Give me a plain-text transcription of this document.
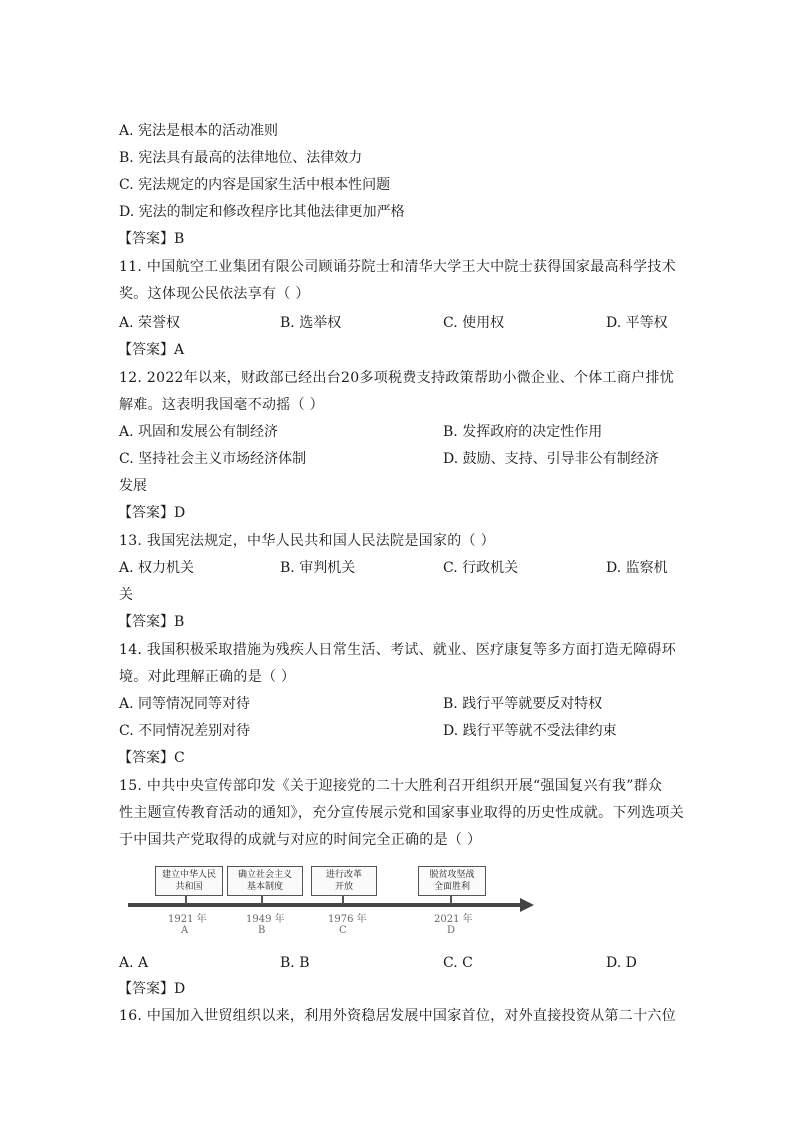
A. 宪法是根本的活动准则
B. 宪法具有最高的法律地位、法律效力
C. 宪法规定的内容是国家生活中根本性问题
D. 宪法的制定和修改程序比其他法律更加严格
【答案】B
11. 中国航空工业集团有限公司顾诵芬院士和清华大学王大中院士获得国家最高科学技术
奖。这体现公民依法享有（ ）
A. 荣誉权	B. 选举权	C. 使用权	D. 平等权
【答案】A
12. 2022年以来，财政部已经出台20多项税费支持政策帮助小微企业、个体工商户排忧
解难。这表明我国毫不动摇（ ）
A. 巩固和发展公有制经济	B. 发挥政府的决定性作用
C. 坚持社会主义市场经济体制	D. 鼓励、支持、引导非公有制经济
发展
【答案】D
13. 我国宪法规定，中华人民共和国人民法院是国家的（ ）
A. 权力机关	B. 审判机关	C. 行政机关	D. 监察机
关
【答案】B
14. 我国积极采取措施为残疾人日常生活、考试、就业、医疗康复等多方面打造无障碍环
境。对此理解正确的是（ ）
A. 同等情况同等对待	B. 践行平等就要反对特权
C. 不同情况差别对待	D. 践行平等就不受法律约束
【答案】C
15. 中共中央宣传部印发《关于迎接党的二十大胜利召开组织开展“强国复兴有我”群众
性主题宣传教育活动的通知》，充分宣传展示党和国家事业取得的历史性成就。下列选项关
于中国共产党取得的成就与对应的时间完全正确的是（ ）
建立中华人民
共和国
1921 年
A
确立社会主义
基本制度
1949 年
B
进行改革
开放
1976 年
C
脱贫攻坚战
全面胜利
2021 年
D
A. A	B. B	C. C	D. D
【答案】D
16. 中国加入世贸组织以来，利用外资稳居发展中国家首位，对外直接投资从第二十六位
